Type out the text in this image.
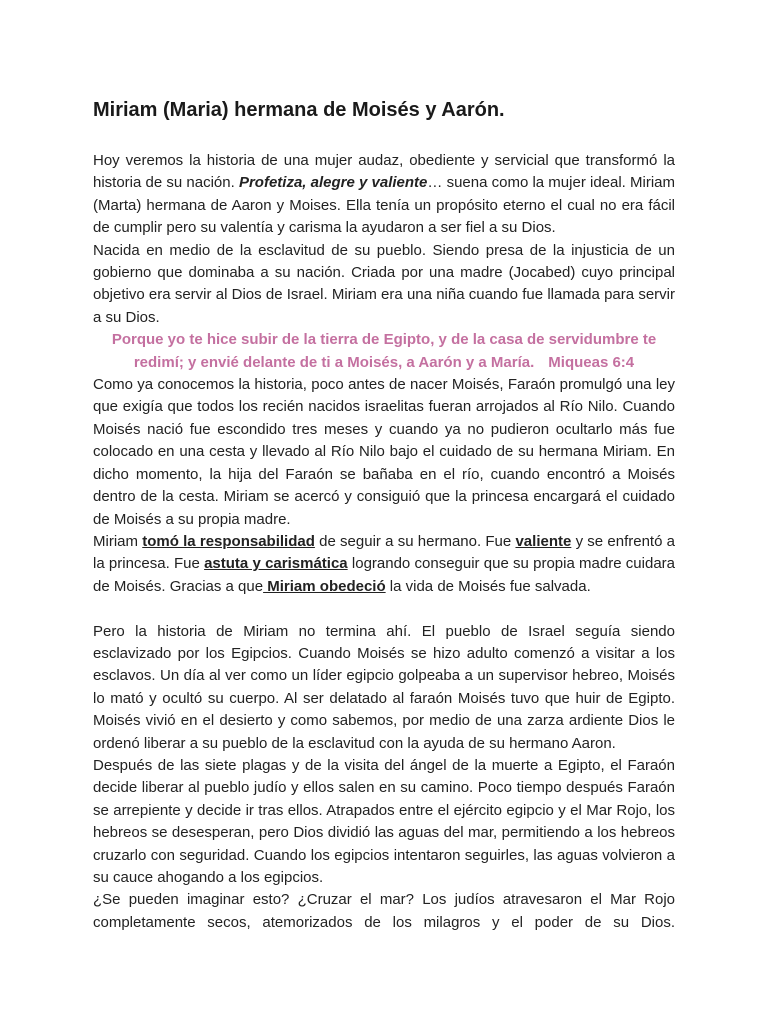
Miriam (Maria) hermana de Moisés y Aarón.

Hoy veremos la historia de una mujer audaz, obediente y servicial que transformó la historia de su nación. Profetiza, alegre y valiente… suena como la mujer ideal. Miriam (Marta) hermana de Aaron y Moises. Ella tenía un propósito eterno el cual no era fácil de cumplir pero su valentía y carisma la ayudaron a ser fiel a su Dios.

Nacida en medio de la esclavitud de su pueblo. Siendo presa de la injusticia de un gobierno que dominaba a su nación. Criada por una madre (Jocabed) cuyo principal objetivo era servir al Dios de Israel. Miriam era una niña cuando fue llamada para servir a su Dios.

Porque yo te hice subir de la tierra de Egipto, y de la casa de servidumbre te
redimí; y envié delante de ti a Moisés, a Aarón y a María. Miqueas 6:4

Como ya conocemos la historia, poco antes de nacer Moisés, Faraón promulgó una ley que exigía que todos los recién nacidos israelitas fueran arrojados al Río Nilo. Cuando Moisés nació fue escondido tres meses y cuando ya no pudieron ocultarlo más fue colocado en una cesta y llevado al Río Nilo bajo el cuidado de su hermana Miriam. En dicho momento, la hija del Faraón se bañaba en el río, cuando encontró a Moisés dentro de la cesta. Miriam se acercó y consiguió que la princesa encargará el cuidado de Moisés a su propia madre.

Miriam tomó la responsabilidad de seguir a su hermano. Fue valiente y se enfrentó a la princesa. Fue astuta y carismática logrando conseguir que su propia madre cuidara de Moisés. Gracias a que Miriam obedeció la vida de Moisés fue salvada.

Pero la historia de Miriam no termina ahí. El pueblo de Israel seguía siendo esclavizado por los Egipcios. Cuando Moisés se hizo adulto comenzó a visitar a los esclavos. Un día al ver como un líder egipcio golpeaba a un supervisor hebreo, Moisés lo mató y ocultó su cuerpo. Al ser delatado al faraón Moisés tuvo que huir de Egipto. Moisés vivió en el desierto y como sabemos, por medio de una zarza ardiente Dios le ordenó liberar a su pueblo de la esclavitud con la ayuda de su hermano Aaron.

Después de las siete plagas y de la visita del ángel de la muerte a Egipto, el Faraón decide liberar al pueblo judío y ellos salen en su camino. Poco tiempo después Faraón se arrepiente y decide ir tras ellos. Atrapados entre el ejército egipcio y el Mar Rojo, los hebreos se desesperan, pero Dios dividió las aguas del mar, permitiendo a los hebreos cruzarlo con seguridad. Cuando los egipcios intentaron seguirles, las aguas volvieron a su cauce ahogando a los egipcios.

¿Se pueden imaginar esto? ¿Cruzar el mar? Los judíos atravesaron el Mar Rojo completamente secos, atemorizados de los milagros y el poder de su Dios.
